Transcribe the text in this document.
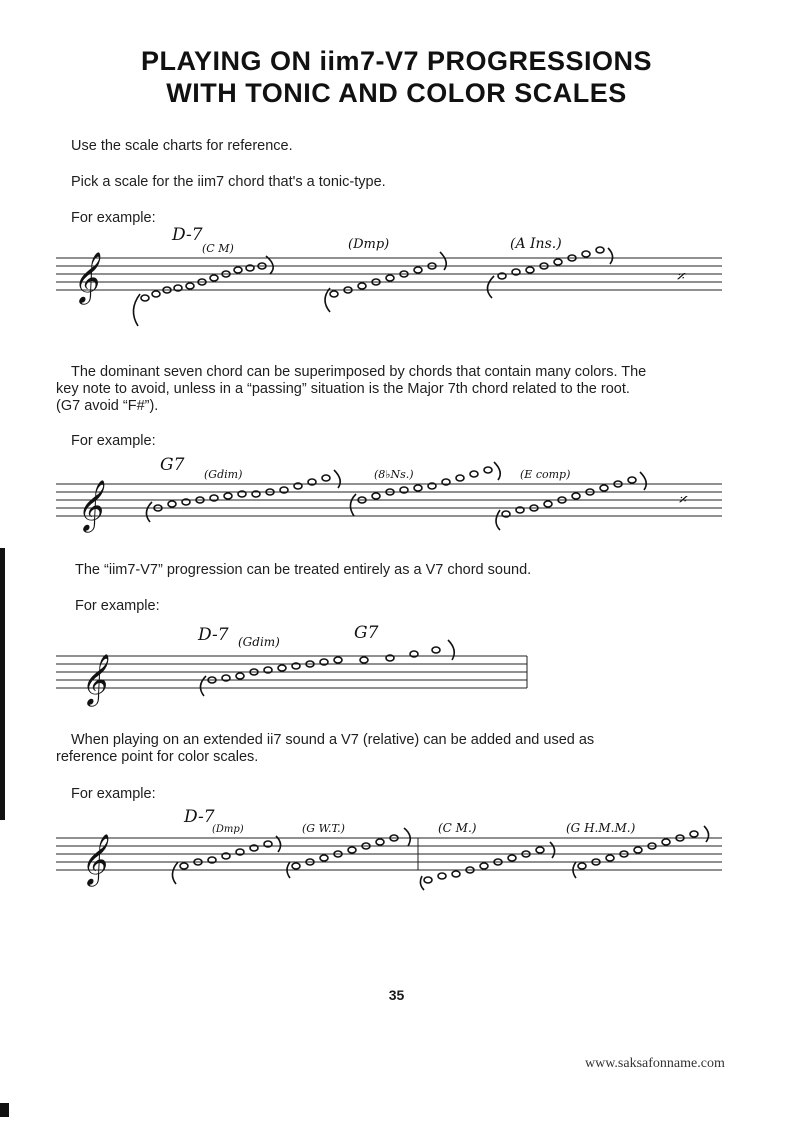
PLAYING ON iim7-V7 PROGRESSIONS
WITH TONIC AND COLOR SCALES

Use the scale charts for reference.

Pick a scale for the iim7 chord that's a tonic-type.

For example:

𝄞	𝄎
D-7
(C M)	(Dmp)	(A Ins.)

The dominant seven chord can be superimposed by chords that contain many colors. The

key note to avoid, unless in a “passing” situation is the Major 7th chord related to the root.

(G7 avoid “F#”).

For example:

𝄞	𝄎
G7 (Gdim)	(8♭Ns.)	(E comp)

The “iim7-V7” progression can be treated entirely as a V7 chord sound.

For example:

𝄞
D-7 (Gdim)	G7

When playing on an extended ii7 sound a V7 (relative) can be added and used as

reference point for color scales.

For example:

𝄞
D-7
(Dmp)	(G W.T.)	(C M.)	(G H.M.M.)
35
www.saksafonname.com
